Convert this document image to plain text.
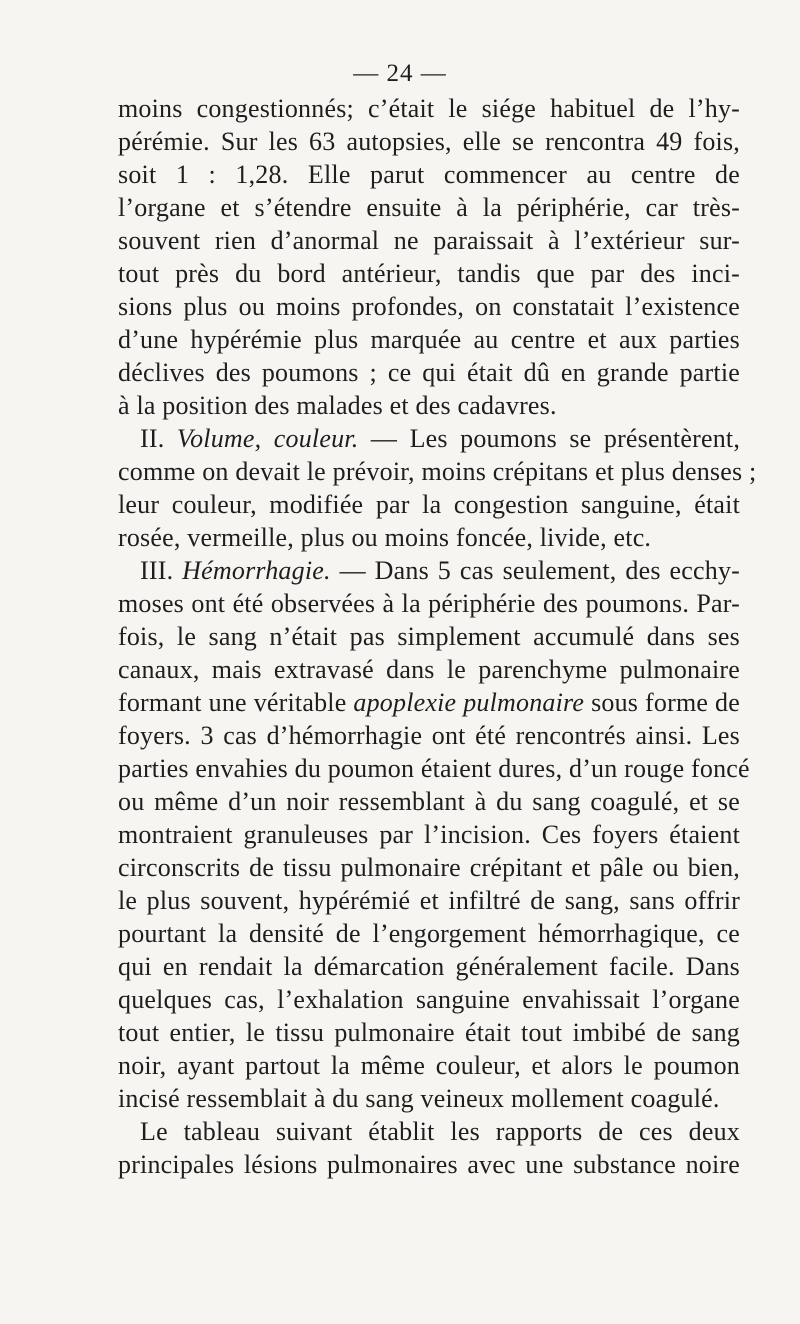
— 24 —
moins congestionnés; c’était le siége habituel de l’hy-
pérémie. Sur les 63 autopsies, elle se rencontra 49 fois,
soit 1 : 1,28. Elle parut commencer au centre de
l’organe et s’étendre ensuite à la périphérie, car très-
souvent rien d’anormal ne paraissait à l’extérieur sur-
tout près du bord antérieur, tandis que par des inci-
sions plus ou moins profondes, on constatait l’existence
d’une hypérémie plus marquée au centre et aux parties
déclives des poumons ; ce qui était dû en grande partie
à la position des malades et des cadavres.
II. Volume, couleur. — Les poumons se présentèrent,
comme on devait le prévoir, moins crépitans et plus denses ;
leur couleur, modifiée par la congestion sanguine, était
rosée, vermeille, plus ou moins foncée, livide, etc.
III. Hémorrhagie. — Dans 5 cas seulement, des ecchy-
moses ont été observées à la périphérie des poumons. Par-
fois, le sang n’était pas simplement accumulé dans ses
canaux, mais extravasé dans le parenchyme pulmonaire
formant une véritable apoplexie pulmonaire sous forme de
foyers. 3 cas d’hémorrhagie ont été rencontrés ainsi. Les
parties envahies du poumon étaient dures, d’un rouge foncé
ou même d’un noir ressemblant à du sang coagulé, et se
montraient granuleuses par l’incision. Ces foyers étaient
circonscrits de tissu pulmonaire crépitant et pâle ou bien,
le plus souvent, hypérémié et infiltré de sang, sans offrir
pourtant la densité de l’engorgement hémorrhagique, ce
qui en rendait la démarcation généralement facile. Dans
quelques cas, l’exhalation sanguine envahissait l’organe
tout entier, le tissu pulmonaire était tout imbibé de sang
noir, ayant partout la même couleur, et alors le poumon
incisé ressemblait à du sang veineux mollement coagulé.
Le tableau suivant établit les rapports de ces deux
principales lésions pulmonaires avec une substance noire
